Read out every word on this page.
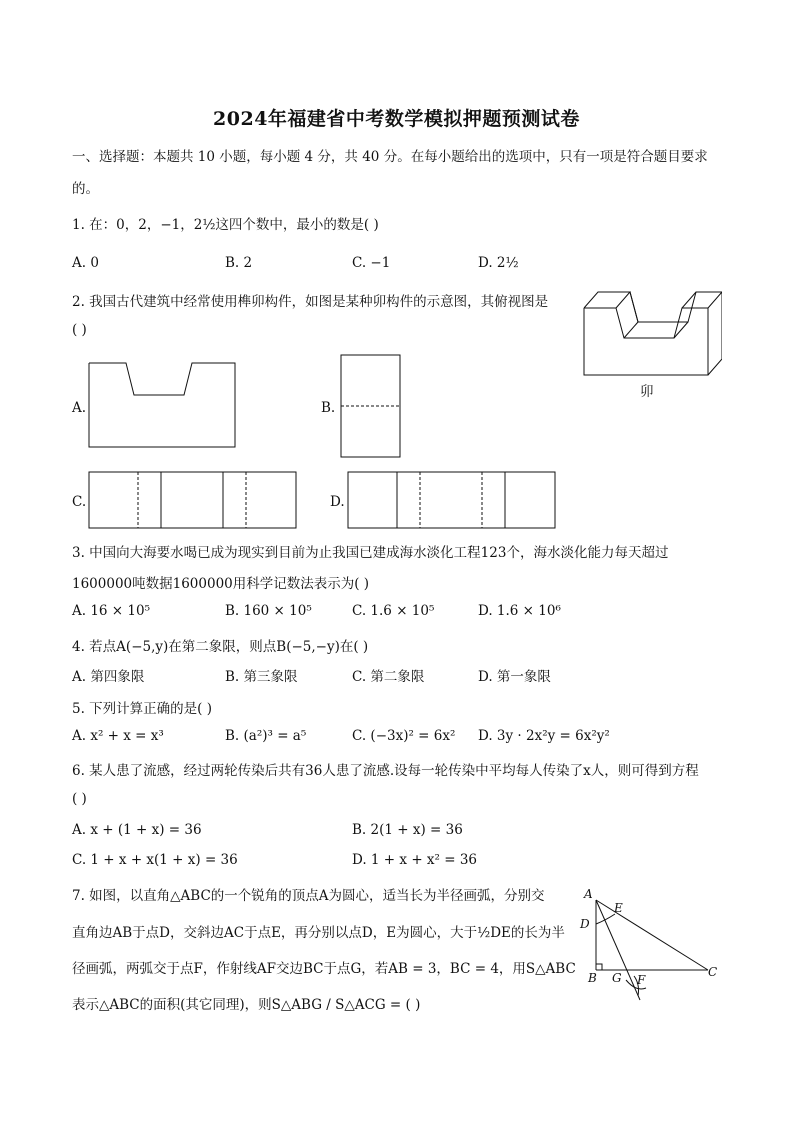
2024年福建省中考数学模拟押题预测试卷
一、选择题：本题共 10 小题，每小题 4 分，共 40 分。在每小题给出的选项中，只有一项是符合题目要求
的。
1. 在：0，2，−1，2½这四个数中，最小的数是( )
A. 0	B. 2	C. −1	D. 2½
2. 我国古代建筑中经常使用榫卯构件，如图是某种卯构件的示意图，其俯视图是
( )
卯
A.	B.
C.	D.
3. 中国向大海要水喝已成为现实到目前为止我国已建成海水淡化工程123个，海水淡化能力每天超过
1600000吨数据1600000用科学记数法表示为( )
A. 16 × 10⁵	B. 160 × 10⁵	C. 1.6 × 10⁵	D. 1.6 × 10⁶
4. 若点A(−5,y)在第二象限，则点B(−5,−y)在( )
A. 第四象限	B. 第三象限	C. 第二象限	D. 第一象限
5. 下列计算正确的是( )
A. x² + x = x³	B. (a²)³ = a⁵	C. (−3x)² = 6x² D. 3y · 2x²y = 6x²y²
6. 某人患了流感，经过两轮传染后共有36人患了流感.设每一轮传染中平均每人传染了x人，则可得到方程
( )
A. x + (1 + x) = 36	B. 2(1 + x) = 36
C. 1 + x + x(1 + x) = 36	D. 1 + x + x² = 36
7. 如图，以直角△ABC的一个锐角的顶点A为圆心，适当长为半径画弧，分别交
直角边AB于点D，交斜边AC于点E，再分别以点D，E为圆心，大于½DE的长为半
径画弧，两弧交于点F，作射线AF交边BC于点G，若AB = 3，BC = 4，用S△ABC
表示△ABC的面积(其它同理)，则S△ABG / S△ACG = ( )
A
E
D
B G F
C
